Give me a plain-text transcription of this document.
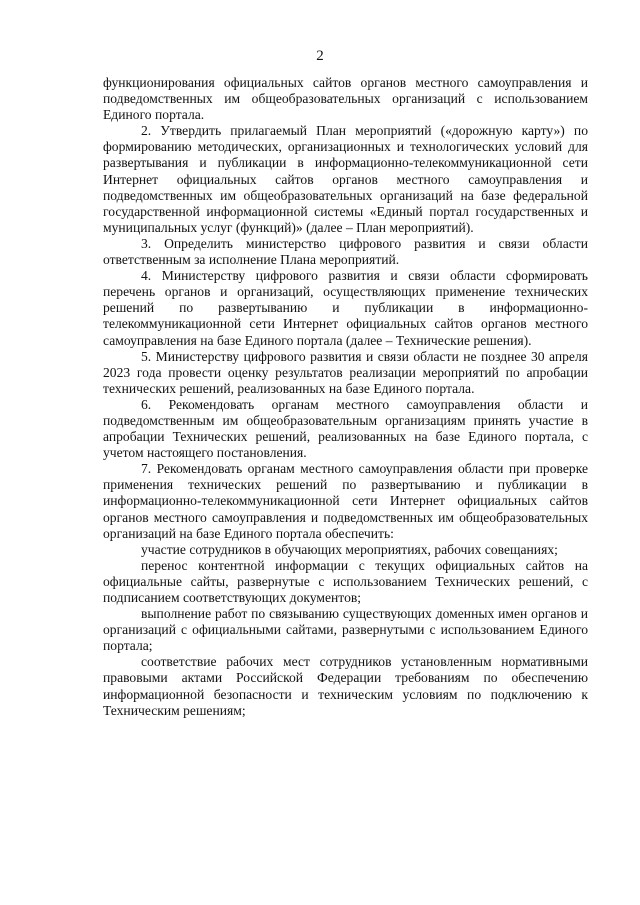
2

функционирования официальных сайтов органов местного самоуправления и подведомственных им общеобразовательных организаций с использованием Единого портала.

2. Утвердить прилагаемый План мероприятий («дорожную карту») по формированию методических, организационных и технологических условий для развертывания и публикации в информационно-телекоммуникационной сети Интернет официальных сайтов органов местного самоуправления и подведомственных им общеобразовательных организаций на базе федеральной государственной информационной системы «Единый портал государственных и муниципальных услуг (функций)» (далее – План мероприятий).

3. Определить министерство цифрового развития и связи области ответственным за исполнение Плана мероприятий.

4. Министерству цифрового развития и связи области сформировать перечень органов и организаций, осуществляющих применение технических решений по развертыванию и публикации в информационно-телекоммуникационной сети Интернет официальных сайтов органов местного самоуправления на базе Единого портала (далее – Технические решения).

5. Министерству цифрового развития и связи области не позднее 30 апреля 2023 года провести оценку результатов реализации мероприятий по апробации технических решений, реализованных на базе Единого портала.

6. Рекомендовать органам местного самоуправления области и подведомственным им общеобразовательным организациям принять участие в апробации Технических решений, реализованных на базе Единого портала, с учетом настоящего постановления.

7. Рекомендовать органам местного самоуправления области при проверке применения технических решений по развертыванию и публикации в информационно-телекоммуникационной сети Интернет официальных сайтов органов местного самоуправления и подведомственных им общеобразовательных организаций на базе Единого портала обеспечить:

участие сотрудников в обучающих мероприятиях, рабочих совещаниях;

перенос контентной информации с текущих официальных сайтов на официальные сайты, развернутые с использованием Технических решений, с подписанием соответствующих документов;

выполнение работ по связыванию существующих доменных имен органов и организаций с официальными сайтами, развернутыми с использованием Единого портала;

соответствие рабочих мест сотрудников установленным нормативными правовыми актами Российской Федерации требованиям по обеспечению информационной безопасности и техническим условиям по подключению к Техническим решениям;
